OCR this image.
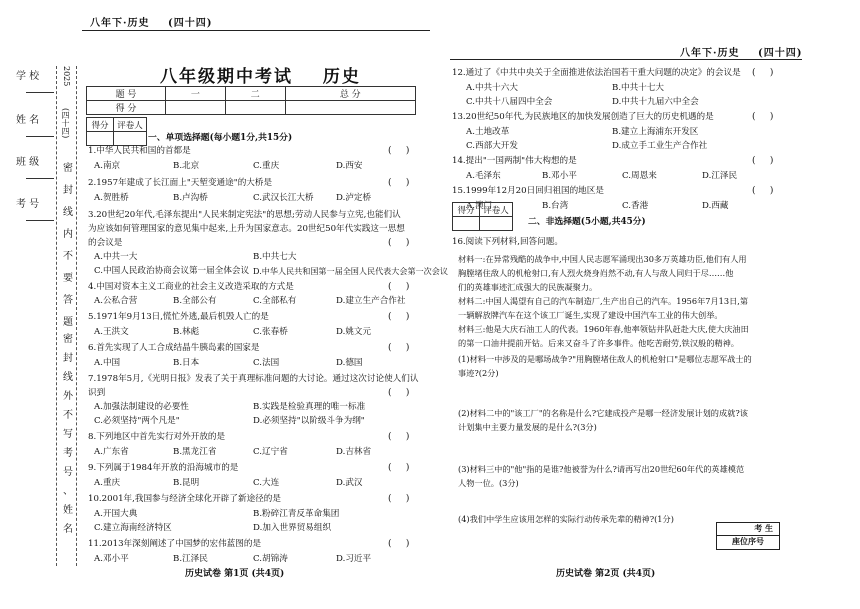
八年下·历史 (四十四)
八年下·历史 (四十四)
学 校
姓 名
班 级
考 号
2025
(四十四)
密
封
线
内
不
要
答
题
密
封
线
外
不
写
考
号
、
姓
名
八年级期中考试 历史
题 号	一	二	总 分
得 分			
得分	评卷人

一、单项选择题(每小题1分,共15分)
1.中华人民共和国的首都是	(     )
A.南京	B.北京	C.重庆	D.西安
2.1957年建成了长江面上"天堑变通途"的大桥是	(     )
A.贺胜桥	B.卢沟桥	C.武汉长江大桥	D.泸定桥
3.20世纪20年代,毛泽东提出"人民来制定宪法"的思想;劳动人民参与立宪,也能们认
为应该如何管理国家的意见集中起来,上升为国家意志。20世纪50年代实践这一思想
的会议是	(     )
A.中共一大	B.中共七大
C.中国人民政治协商会议第一届全体会议 D.中华人民共和国第一届全国人民代表大会第一次会议
4.中国对资本主义工商业的社会主义改造采取的方式是	(     )
A.公私合营	B.全部公有	C.全部私有	D.建立生产合作社
5.1971年9月13日,慌忙外逃,最后机毁人亡的是	(     )
A.王洪文	B.林彪	C.张春桥	D.姚文元
6.首先实现了人工合成结晶牛胰岛素的国家是	(     )
A.中国	B.日本	C.法国	D.德国
7.1978年5月,《光明日报》发表了关于真理标准问题的大讨论。通过这次讨论使人们认
识到	(     )
A.加强法制建设的必要性	B.实践是检验真理的唯一标准
C.必须坚持"两个凡是"	D.必须坚持"以阶级斗争为纲"
8.下列地区中首先实行对外开放的是	(     )
A.广东省	B.黑龙江省	C.辽宁省	D.吉林省
9.下列属于1984年开放的沿海城市的是	(     )
A.重庆	B.昆明	C.大连	D.武汉
10.2001年,我国参与经济全球化开辟了新途径的是	(     )
A.开国大典	B.粉碎江青反革命集团
C.建立海南经济特区	D.加入世界贸易组织
11.2013年深刻阐述了中国梦的宏伟蓝图的是	(     )
A.邓小平	B.江泽民	C.胡锦涛	D.习近平
历史试卷 第1页 (共4页)
12.通过了《中共中央关于全面推进依法治国若干重大问题的决定》的会议是 (     )
A.中共十六大	B.中共十七大
C.中共十八届四中全会	D.中共十九届六中全会
13.20世纪50年代,为民族地区的加快发展创造了巨大的历史机遇的是	(     )
A.土地改革	B.建立上海浦东开发区
C.西部大开发	D.成立手工业生产合作社
14.提出"一国两制"伟大构想的是	(     )
A.毛泽东	B.邓小平	C.周恩来	D.江泽民
15.1999年12月20日回归祖国的地区是	(     )
A.澳门	B.台湾	C.香港	D.西藏
得分	评卷人

二、非选择题(5小题,共45分)
16.阅读下列材料,回答问题。
材料一:在异常残酷的战争中,中国人民志愿军涌现出30多万英雄功臣,他们有人用
胸膛堵住敌人的机枪射口,有人烈火烧身岿然不动,有人与敌人同归于尽……他
们的英雄事迹汇成强大的民族凝聚力。
材料二:中国人渴望有自己的汽车制造厂,生产出自己的汽车。1956年7月13日,第
一辆解放牌汽车在这个该工厂诞生,实现了建设中国汽车工业的伟大创举。
材料三:他是大庆石油工人的代表。1960年春,他率领钻井队赶赴大庆,使大庆油田
的第一口油井提前开钻。后来又奋斗了许多事件。他吃苦耐劳,铁汉般的精神。
(1)材料一中涉及的是哪场战争?"用胸膛堵住敌人的机枪射口"是哪位志愿军战士的
事迹?(2分)
(2)材料二中的"该工厂"的名称是什么?它建成投产是哪一经济发展计划的成就?该
计划集中主要力量发展的是什么?(3分)
(3)材料三中的"他"指的是谁?他被誉为什么?请再写出20世纪60年代的英雄模范
人物一位。(3分)
(4)我们中学生应该用怎样的实际行动传承先辈的精神?(1分)
考 生
座位序号
历史试卷 第2页 (共4页)
